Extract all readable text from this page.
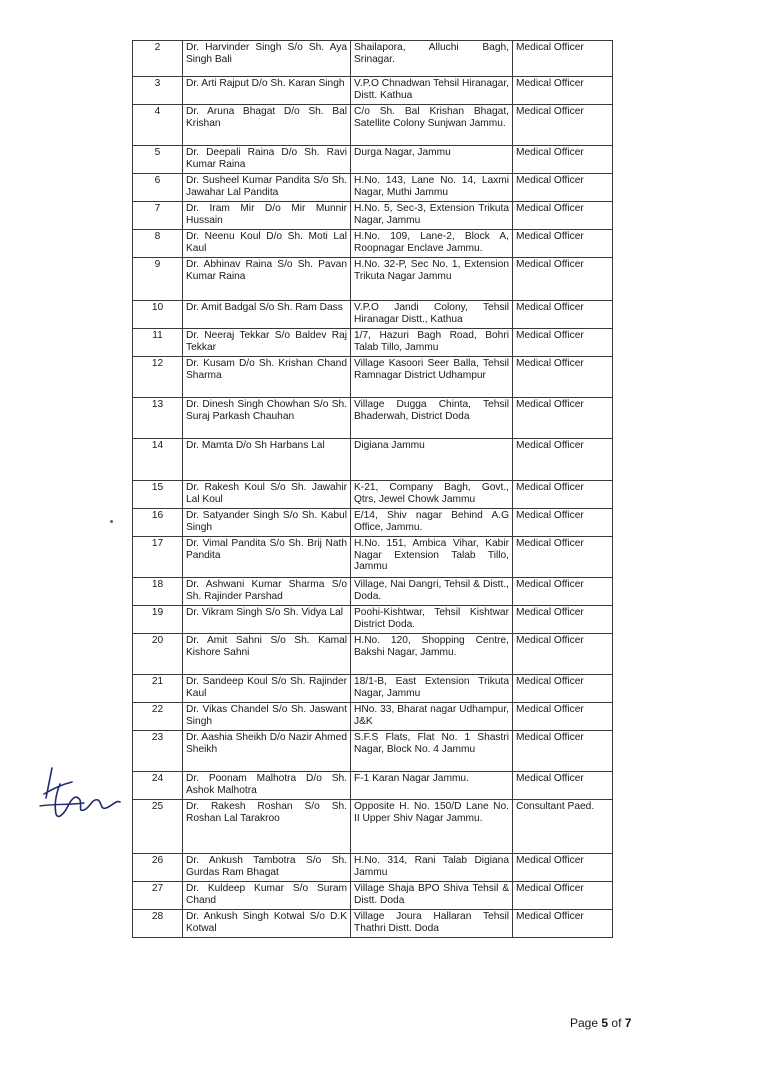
2	Dr. Harvinder Singh S/o Sh. Aya Singh Bali	Shailapora, Alluchi Bagh, Srinagar.	Medical Officer
3	Dr. Arti Rajput D/o Sh. Karan Singh	V.P.O Chnadwan Tehsil Hiranagar, Distt. Kathua	Medical Officer
4	Dr. Aruna Bhagat D/o Sh. Bal Krishan	C/o Sh. Bal Krishan Bhagat, Satellite Colony Sunjwan Jammu.	Medical Officer
5	Dr. Deepali Raina D/o Sh. Ravi Kumar Raina	Durga Nagar, Jammu	Medical Officer
6	Dr. Susheel Kumar Pandita S/o Sh. Jawahar Lal Pandita	H.No. 143, Lane No. 14, Laxmi Nagar, Muthi Jammu	Medical Officer
7	Dr. Iram Mir D/o Mir Munnir Hussain	H.No. 5, Sec-3, Extension Trikuta Nagar, Jammu	Medical Officer
8	Dr. Neenu Koul D/o Sh. Moti Lal Kaul	H.No. 109, Lane-2, Block A, Roopnagar Enclave Jammu.	Medical Officer
9	Dr. Abhinav Raina S/o Sh. Pavan Kumar Raina	H.No. 32-P, Sec No. 1, Extension Trikuta Nagar Jammu	Medical Officer
10	Dr. Amit Badgal S/o Sh. Ram Dass	V.P.O Jandi Colony, Tehsil Hiranagar Distt., Kathua	Medical Officer
11	Dr. Neeraj Tekkar S/o Baldev Raj Tekkar	1/7, Hazuri Bagh Road, Bohri Talab Tillo, Jammu	Medical Officer
12	Dr. Kusam D/o Sh. Krishan Chand Sharma	Village Kasoori Seer Balla, Tehsil Ramnagar District Udhampur	Medical Officer
13	Dr. Dinesh Singh Chowhan S/o Sh. Suraj Parkash Chauhan	Village Dugga Chinta, Tehsil Bhaderwah, District Doda	Medical Officer
14	Dr. Mamta D/o Sh Harbans Lal	Digiana Jammu	Medical Officer
15	Dr. Rakesh Koul S/o Sh. Jawahir Lal Koul	K-21, Company Bagh, Govt., Qtrs, Jewel Chowk Jammu	Medical Officer
16	Dr. Satyander Singh S/o Sh. Kabul Singh	E/14, Shiv nagar Behind A.G Office, Jammu.	Medical Officer
17	Dr. Vimal Pandita S/o Sh. Brij Nath Pandita	H.No. 151, Ambica Vihar, Kabir Nagar Extension Talab Tillo, Jammu	Medical Officer
18	Dr. Ashwani Kumar Sharma S/o Sh. Rajinder Parshad	Village, Nai Dangri, Tehsil & Distt., Doda.	Medical Officer
19	Dr. Vikram Singh S/o Sh. Vidya Lal	Poohi-Kishtwar, Tehsil Kishtwar District Doda.	Medical Officer
20	Dr. Amit Sahni S/o Sh. Kamal Kishore Sahni	H.No. 120, Shopping Centre, Bakshi Nagar, Jammu.	Medical Officer
21	Dr. Sandeep Koul S/o Sh. Rajinder Kaul	18/1-B, East Extension Trikuta Nagar, Jammu	Medical Officer
22	Dr. Vikas Chandel S/o Sh. Jaswant Singh	HNo. 33, Bharat nagar Udhampur, J&K	Medical Officer
23	Dr. Aashia Sheikh D/o Nazir Ahmed Sheikh	S.F.S Flats, Flat No. 1 Shastri Nagar, Block No. 4 Jammu	Medical Officer
24	Dr. Poonam Malhotra D/o Sh. Ashok Malhotra	F-1 Karan Nagar Jammu.	Medical Officer
25	Dr. Rakesh Roshan S/o Sh. Roshan Lal Tarakroo	Opposite H. No. 150/D Lane No. II Upper Shiv Nagar Jammu.	Consultant Paed.
26	Dr. Ankush Tambotra S/o Sh. Gurdas Ram Bhagat	H.No. 314, Rani Talab Digiana Jammu	Medical Officer
27	Dr. Kuldeep Kumar S/o Suram Chand	Village Shaja BPO Shiva Tehsil & Distt. Doda	Medical Officer
28	Dr. Ankush Singh Kotwal S/o D.K Kotwal	Village Joura Hallaran Tehsil Thathri Distt. Doda	Medical Officer
Page 5 of 7
